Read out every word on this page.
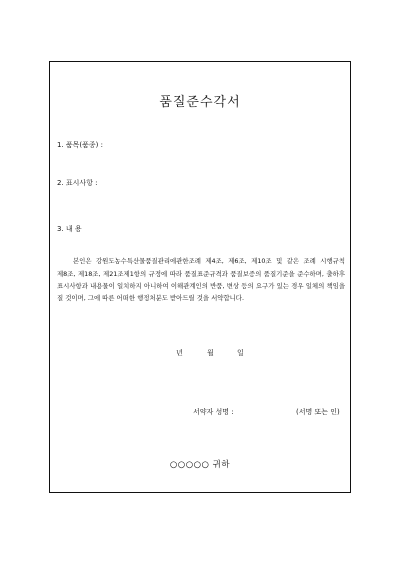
품질준수각서
1. 품목(품종) :
2. 표시사항 :
3. 내 용

본인은 강원도농수특산물품질관리에관한조례 제4조, 제6조, 제10조 및 같은 조례 시행규칙 제8조, 제18조, 제21조제1항의 규정에 따라 품질표준규격과 품질보증의 품질기준을 준수하며, 출하후 표시사항과 내용물이 일치하지 아니하여 이해관계인의 반품, 변상 등의 요구가 있는 경우 일체의 책임을 질 것이며, 그에 따른 어떠한 행정처분도 받아드릴 것을 서약합니다.

년	월	일
서약자 성명 :	(서명 또는 인)
○○○○○ 귀하
